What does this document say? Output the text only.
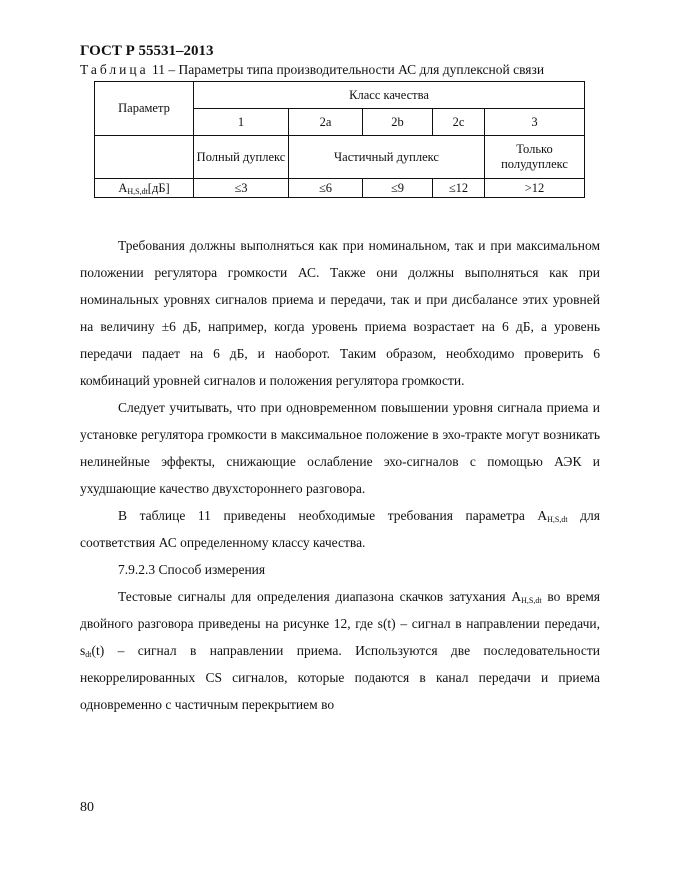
ГОСТ Р 55531–2013

Таблица 11 – Параметры типа производительности АС для дуплексной связи

Параметр	Класс качества				
	1	2a	2b	2c	3
	Полный дуплекс	Частичный дуплекс			Только полудуплекс
$A_{H,S,dt}[дБ]$	≤3	≤6	≤9	≤12	>12

Требования должны выполняться как при номинальном, так и при максимальном положении регулятора громкости АС. Также они должны выполняться как при номинальных уровнях сигналов приема и передачи, так и при дисбалансе этих уровней на величину ±6 дБ, например, когда уровень приема возрастает на 6 дБ, а уровень передачи падает на 6 дБ, и наоборот. Таким образом, необходимо проверить 6 комбинаций уровней сигналов и положения регулятора громкости.

Следует учитывать, что при одновременном повышении уровня сигнала приема и установке регулятора громкости в максимальное положение в эхо-тракте могут возникать нелинейные эффекты, снижающие ослабление эхо-сигналов с помощью АЭК и ухудшающие качество двухстороннего разговора.

В таблице 11 приведены необходимые требования параметра $A_{H,S,dt}$ для соответствия АС определенному классу качества.

7.9.2.3 Способ измерения

Тестовые сигналы для определения диапазона скачков затухания $A_{H,S,dt}$ во время двойного разговора приведены на рисунке 12, где s(t) – сигнал в направлении передачи, $s_{dt}(t)$ – сигнал в направлении приема. Используются две последовательности некоррелированных CS сигналов, которые подаются в канал передачи и приема одновременно с частичным перекрытием во

80
